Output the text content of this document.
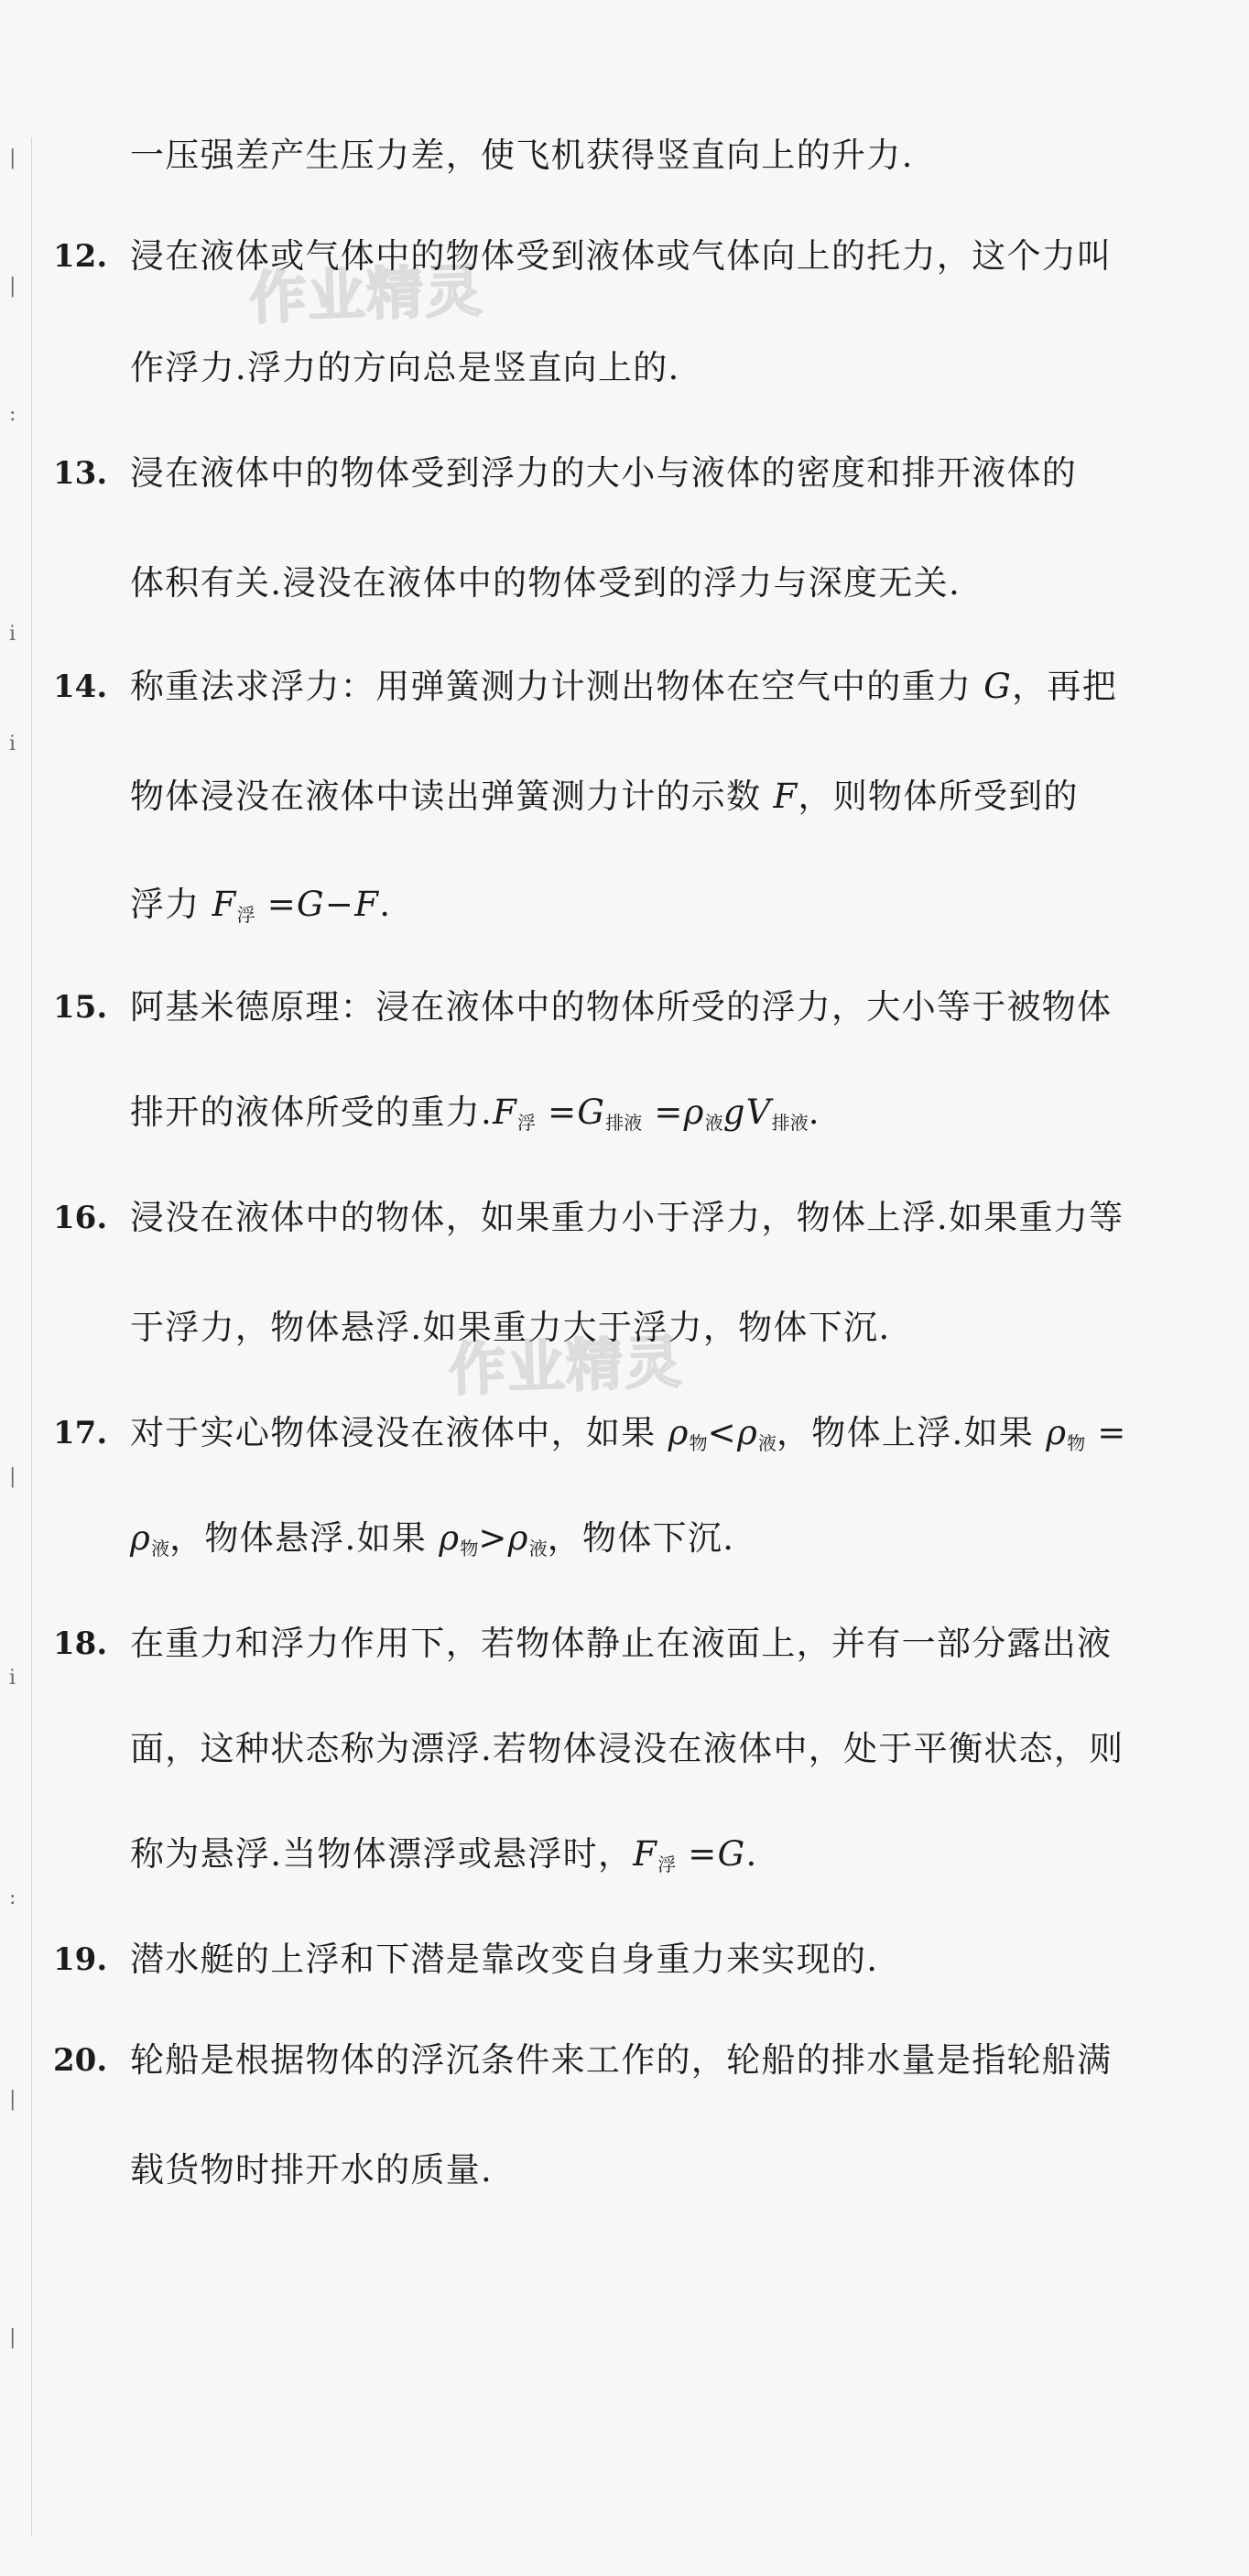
|
|
:
i
i
|
i
:
|
|
作业精灵
作业精灵
一压强差产生压力差，使飞机获得竖直向上的升力.
12. 浸在液体或气体中的物体受到液体或气体向上的托力，这个力叫
作浮力.浮力的方向总是竖直向上的.
13. 浸在液体中的物体受到浮力的大小与液体的密度和排开液体的
体积有关.浸没在液体中的物体受到的浮力与深度无关.
14. 称重法求浮力：用弹簧测力计测出物体在空气中的重力 G，再把
物体浸没在液体中读出弹簧测力计的示数 F，则物体所受到的
浮力 $F_浮 =G-F$.
15. 阿基米德原理：浸在液体中的物体所受的浮力，大小等于被物体
排开的液体所受的重力$.F_浮 =G_{排液} =\rho_液gV_{排液}$.
16. 浸没在液体中的物体，如果重力小于浮力，物体上浮.如果重力等
于浮力，物体悬浮.如果重力大于浮力，物体下沉.
17. 对于实心物体浸没在液体中，如果 $\rho_物<\rho_液$，物体上浮.如果 $\rho_物$ =
$\rho_液$，物体悬浮.如果 $\rho_物>\rho_液$，物体下沉.
18. 在重力和浮力作用下，若物体静止在液面上，并有一部分露出液
面，这种状态称为漂浮.若物体浸没在液体中，处于平衡状态，则
称为悬浮.当物体漂浮或悬浮时，$F_浮 =G$.
19. 潜水艇的上浮和下潜是靠改变自身重力来实现的.
20. 轮船是根据物体的浮沉条件来工作的，轮船的排水量是指轮船满
载货物时排开水的质量.
